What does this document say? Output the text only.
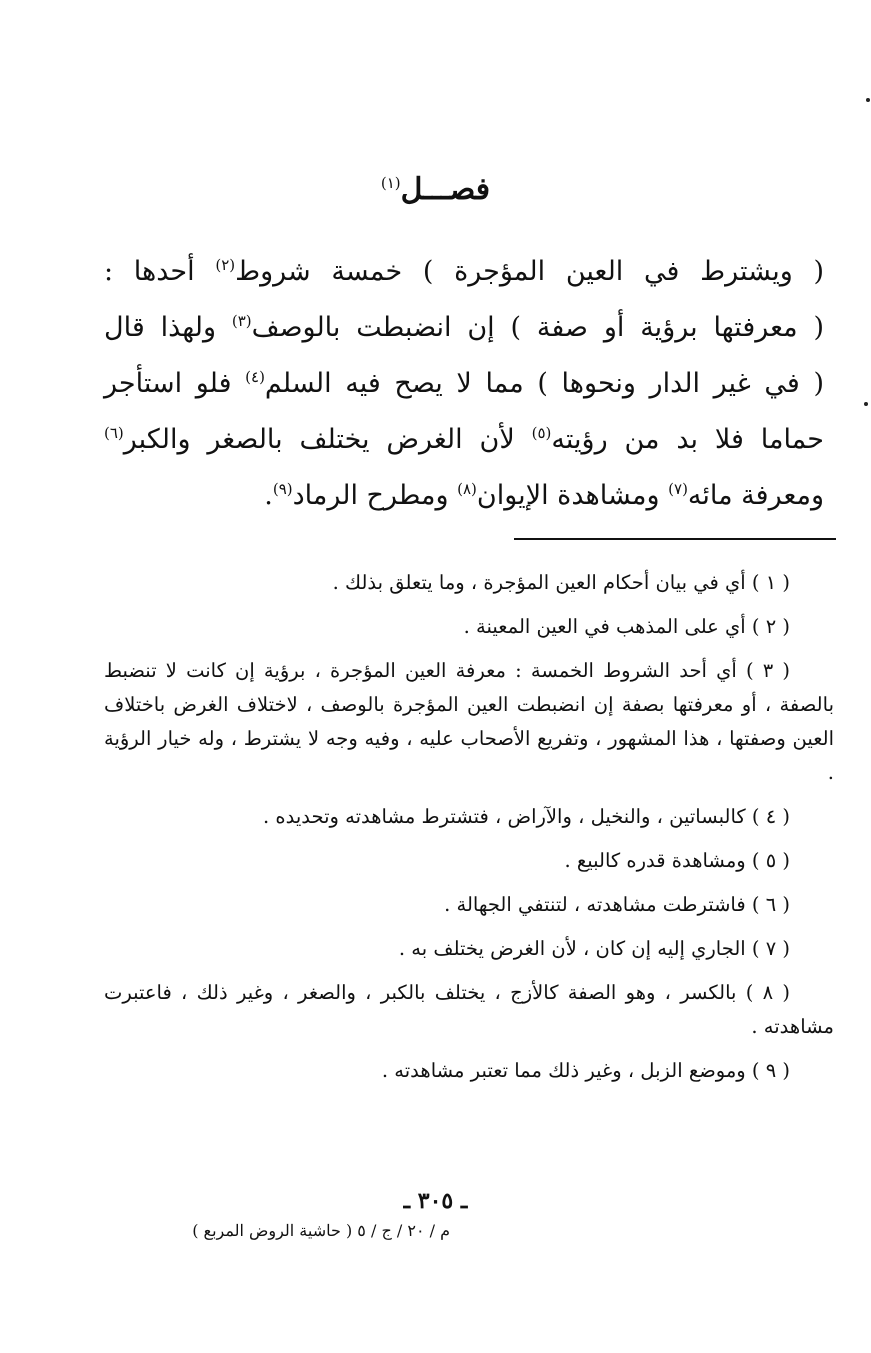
فصـــل$^{(١)}$
( ويشترط في العين المؤجرة ) خمسة شروط$^{(٢)}$ أحدها :
( معرفتها برؤية أو صفة ) إن انضبطت بالوصف$^{(٣)}$ ولهذا قال
( في غير الدار ونحوها ) مما لا يصح فيه السلم$^{(٤)}$ فلو استأجر
حماما فلا بد من رؤيته$^{(٥)}$ لأن الغرض يختلف بالصغر والكبر$^{(٦)}$
ومعرفة مائه$^{(٧)}$ ومشاهدة الإيوان$^{(٨)}$ ومطرح الرماد$^{(٩)}$.

( ١ ) أي في بيان أحكام العين المؤجرة ، وما يتعلق بذلك .

( ٢ ) أي على المذهب في العين المعينة .

( ٣ ) أي أحد الشروط الخمسة : معرفة العين المؤجرة ، برؤية إن كانت لا تنضبط بالصفة ، أو معرفتها بصفة إن انضبطت العين المؤجرة بالوصف ، لاختلاف الغرض باختلاف العين وصفتها ، هذا المشهور ، وتفريع الأصحاب عليه ، وفيه وجه لا يشترط ، وله خيار الرؤية .

( ٤ ) كالبساتين ، والنخيل ، والآراض ، فتشترط مشاهدته وتحديده .

( ٥ ) ومشاهدة قدره كالبيع .

( ٦ ) فاشترطت مشاهدته ، لتنتفي الجهالة .

( ٧ ) الجاري إليه إن كان ، لأن الغرض يختلف به .

( ٨ ) بالكسر ، وهو الصفة كالأزج ، يختلف بالكبر ، والصغر ، وغير ذلك ، فاعتبرت مشاهدته .

( ٩ ) وموضع الزبل ، وغير ذلك مما تعتبر مشاهدته .

ـ ٣٠٥ ـ
م / ٢٠ / ج / ٥ ( حاشية الروض المربع )
